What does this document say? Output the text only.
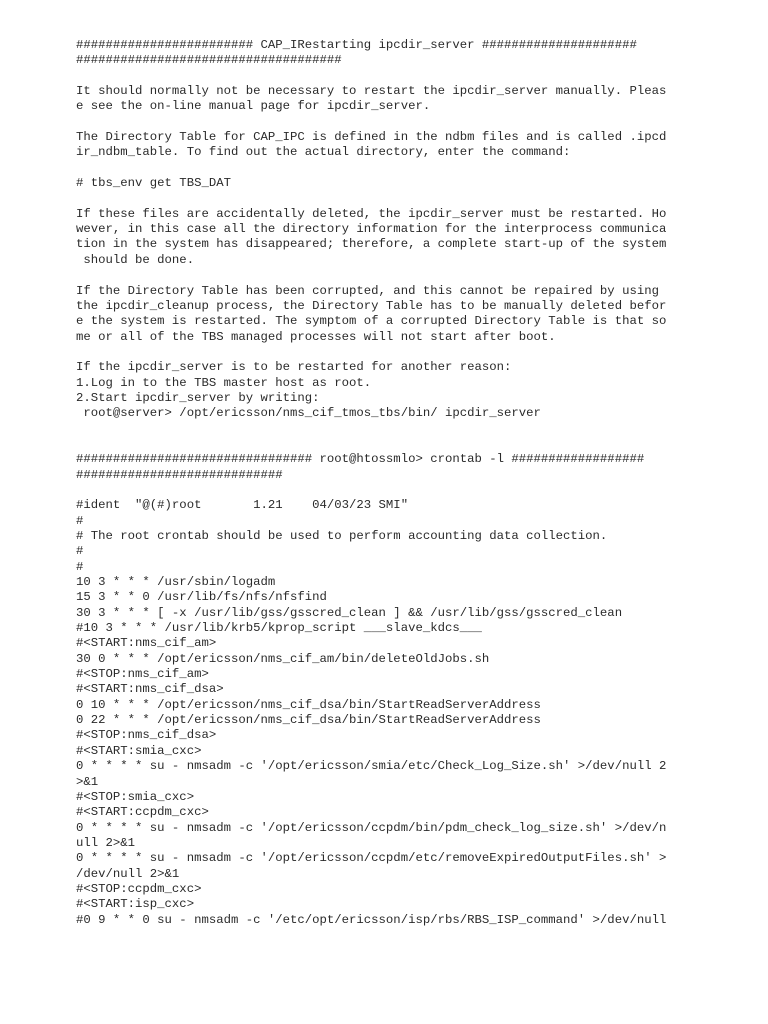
######################## CAP_IRestarting ipcdir_server #####################
####################################
It should normally not be necessary to restart the ipcdir_server manually. Pleas
e see the on-line manual page for ipcdir_server.
The Directory Table for CAP_IPC is defined in the ndbm files and is called .ipcd
ir_ndbm_table. To find out the actual directory, enter the command:
# tbs_env get TBS_DAT
If these files are accidentally deleted, the ipcdir_server must be restarted. Ho
wever, in this case all the directory information for the interprocess communica
tion in the system has disappeared; therefore, a complete start-up of the system
should be done.
If the Directory Table has been corrupted, and this cannot be repaired by using
the ipcdir_cleanup process, the Directory Table has to be manually deleted befor
e the system is restarted. The symptom of a corrupted Directory Table is that so
me or all of the TBS managed processes will not start after boot.
If the ipcdir_server is to be restarted for another reason:
1.Log in to the TBS master host as root.
2.Start ipcdir_server by writing:
root@server> /opt/ericsson/nms_cif_tmos_tbs/bin/ ipcdir_server
################################ root@htossmlo> crontab -l ##################
############################
#ident  "@(#)root       1.21    04/03/23 SMI"
#
# The root crontab should be used to perform accounting data collection.
#
#
10 3 * * * /usr/sbin/logadm
15 3 * * 0 /usr/lib/fs/nfs/nfsfind
30 3 * * * [ -x /usr/lib/gss/gsscred_clean ] && /usr/lib/gss/gsscred_clean
#10 3 * * * /usr/lib/krb5/kprop_script ___slave_kdcs___
#<START:nms_cif_am>
30 0 * * * /opt/ericsson/nms_cif_am/bin/deleteOldJobs.sh
#<STOP:nms_cif_am>
#<START:nms_cif_dsa>
0 10 * * * /opt/ericsson/nms_cif_dsa/bin/StartReadServerAddress
0 22 * * * /opt/ericsson/nms_cif_dsa/bin/StartReadServerAddress
#<STOP:nms_cif_dsa>
#<START:smia_cxc>
0 * * * * su - nmsadm -c '/opt/ericsson/smia/etc/Check_Log_Size.sh' >/dev/null 2
>&1
#<STOP:smia_cxc>
#<START:ccpdm_cxc>
0 * * * * su - nmsadm -c '/opt/ericsson/ccpdm/bin/pdm_check_log_size.sh' >/dev/n
ull 2>&1
0 * * * * su - nmsadm -c '/opt/ericsson/ccpdm/etc/removeExpiredOutputFiles.sh' >
/dev/null 2>&1
#<STOP:ccpdm_cxc>
#<START:isp_cxc>
#0 9 * * 0 su - nmsadm -c '/etc/opt/ericsson/isp/rbs/RBS_ISP_command' >/dev/null
